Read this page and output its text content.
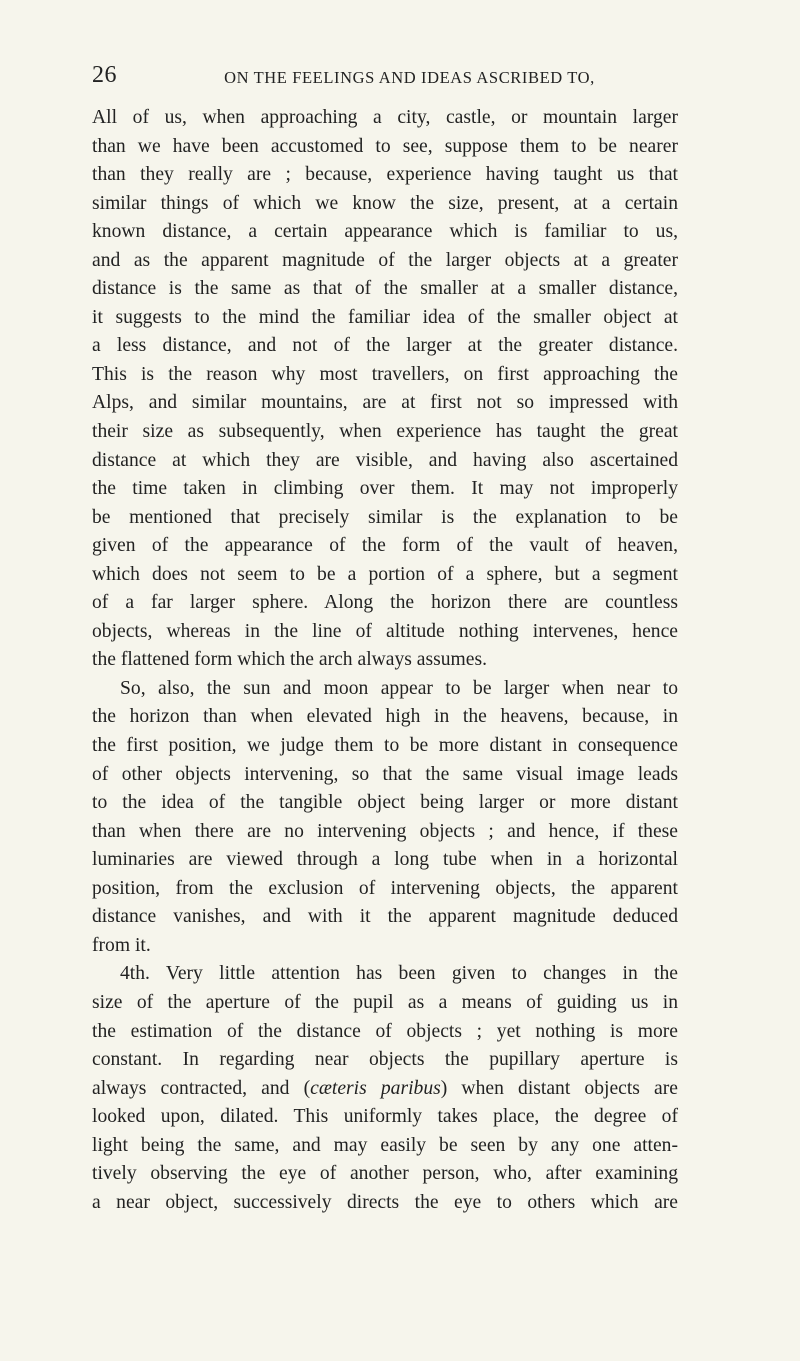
26	ON THE FEELINGS AND IDEAS ASCRIBED TO,
All of us, when approaching a city, castle, or mountain larger
than we have been accustomed to see, suppose them to be nearer
than they really are ; because, experience having taught us that
similar things of which we know the size, present, at a certain
known distance, a certain appearance which is familiar to us,
and as the apparent magnitude of the larger objects at a greater
distance is the same as that of the smaller at a smaller distance,
it suggests to the mind the familiar idea of the smaller object at
a less distance, and not of the larger at the greater distance.
This is the reason why most travellers, on first approaching the
Alps, and similar mountains, are at first not so impressed with
their size as subsequently, when experience has taught the great
distance at which they are visible, and having also ascertained
the time taken in climbing over them. It may not improperly
be mentioned that precisely similar is the explanation to be
given of the appearance of the form of the vault of heaven,
which does not seem to be a portion of a sphere, but a segment
of a far larger sphere. Along the horizon there are countless
objects, whereas in the line of altitude nothing intervenes, hence
the flattened form which the arch always assumes.
So, also, the sun and moon appear to be larger when near to
the horizon than when elevated high in the heavens, because, in
the first position, we judge them to be more distant in consequence
of other objects intervening, so that the same visual image leads
to the idea of the tangible object being larger or more distant
than when there are no intervening objects ; and hence, if these
luminaries are viewed through a long tube when in a horizontal
position, from the exclusion of intervening objects, the apparent
distance vanishes, and with it the apparent magnitude deduced
from it.
4th. Very little attention has been given to changes in the
size of the aperture of the pupil as a means of guiding us in
the estimation of the distance of objects ; yet nothing is more
constant. In regarding near objects the pupillary aperture is
always contracted, and (cæteris paribus) when distant objects are
looked upon, dilated. This uniformly takes place, the degree of
light being the same, and may easily be seen by any one atten-
tively observing the eye of another person, who, after examining
a near object, successively directs the eye to others which are
